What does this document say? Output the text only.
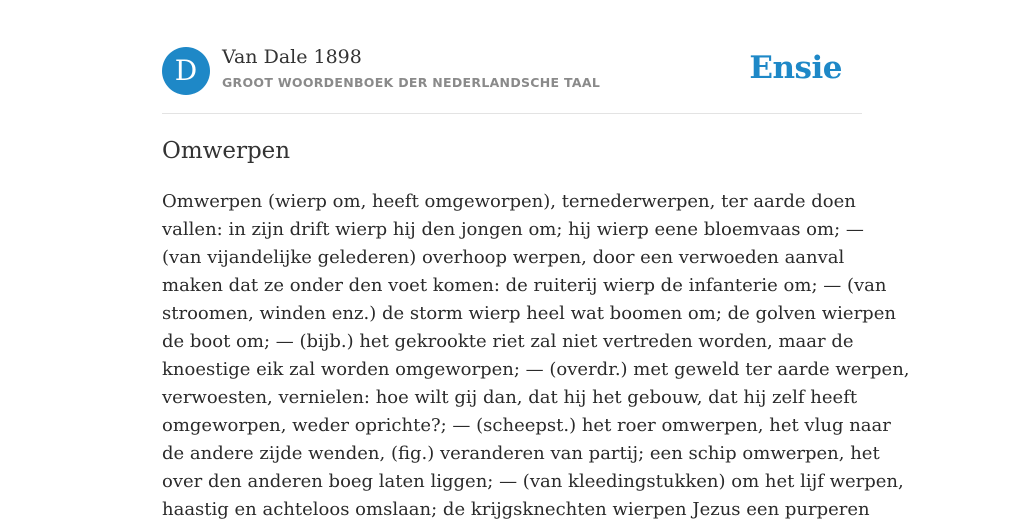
D	Van Dale 1898
GROOT WOORDENBOEK DER NEDERLANDSCHE TAAL	Ensie
Omwerpen
Omwerpen (wierp om, heeft omgeworpen), ternederwerpen, ter aarde doen
vallen: in zijn drift wierp hij den jongen om; hij wierp eene bloemvaas om; —
(van vijandelijke gelederen) overhoop werpen, door een verwoeden aanval
maken dat ze onder den voet komen: de ruiterij wierp de infanterie om; — (van
stroomen, winden enz.) de storm wierp heel wat boomen om; de golven wierpen
de boot om; — (bijb.) het gekrookte riet zal niet vertreden worden, maar de
knoestige eik zal worden omgeworpen; — (overdr.) met geweld ter aarde werpen,
verwoesten, vernielen: hoe wilt gij dan, dat hij het gebouw, dat hij zelf heeft
omgeworpen, weder oprichte?; — (scheepst.) het roer omwerpen, het vlug naar
de andere zijde wenden, (fig.) veranderen van partij; een schip omwerpen, het
over den anderen boeg laten liggen; — (van kleedingstukken) om het lijf werpen,
haastig en achteloos omslaan; de krijgsknechten wierpen Jezus een purperen
